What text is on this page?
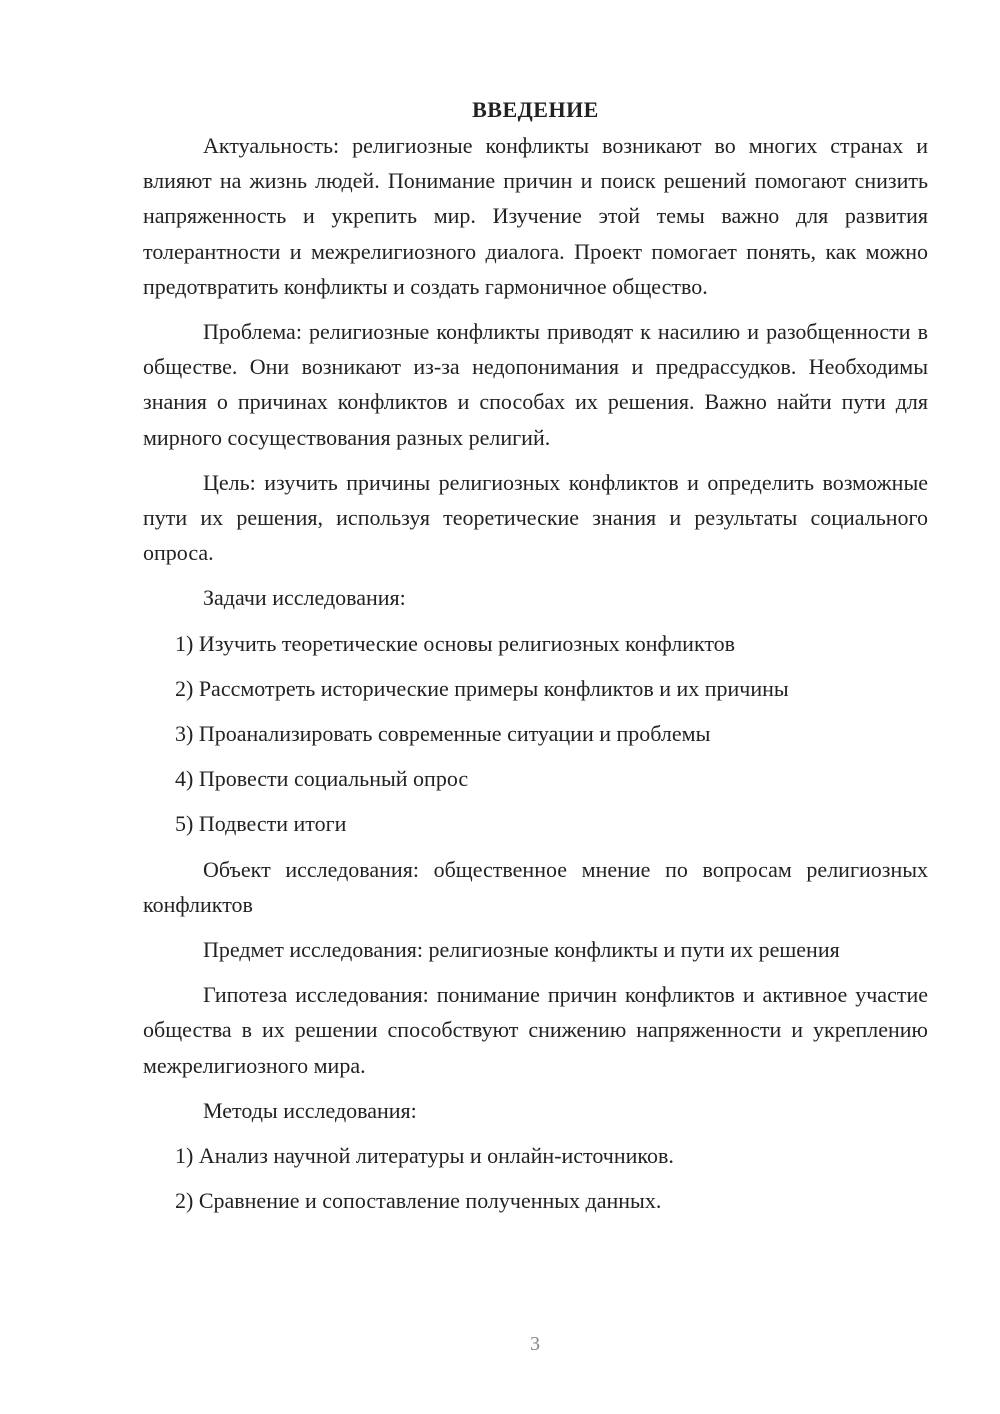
ВВЕДЕНИЕ

Актуальность: религиозные конфликты возникают во многих странах и влияют на жизнь людей. Понимание причин и поиск решений помогают снизить напряженность и укрепить мир. Изучение этой темы важно для развития толерантности и межрелигиозного диалога. Проект помогает понять, как можно предотвратить конфликты и создать гармоничное общество.

Проблема: религиозные конфликты приводят к насилию и разобщенности в обществе. Они возникают из-за недопонимания и предрассудков. Необходимы знания о причинах конфликтов и способах их решения. Важно найти пути для мирного сосуществования разных религий.

Цель: изучить причины религиозных конфликтов и определить возможные пути их решения, используя теоретические знания и результаты социального опроса.

Задачи исследования:

1) Изучить теоретические основы религиозных конфликтов

2) Рассмотреть исторические примеры конфликтов и их причины

3) Проанализировать современные ситуации и проблемы

4) Провести социальный опрос

5) Подвести итоги

Объект исследования: общественное мнение по вопросам религиозных конфликтов

Предмет исследования: религиозные конфликты и пути их решения

Гипотеза исследования: понимание причин конфликтов и активное участие общества в их решении способствуют снижению напряженности и укреплению межрелигиозного мира.

Методы исследования:

1) Анализ научной литературы и онлайн-источников.

2) Сравнение и сопоставление полученных данных.

3
